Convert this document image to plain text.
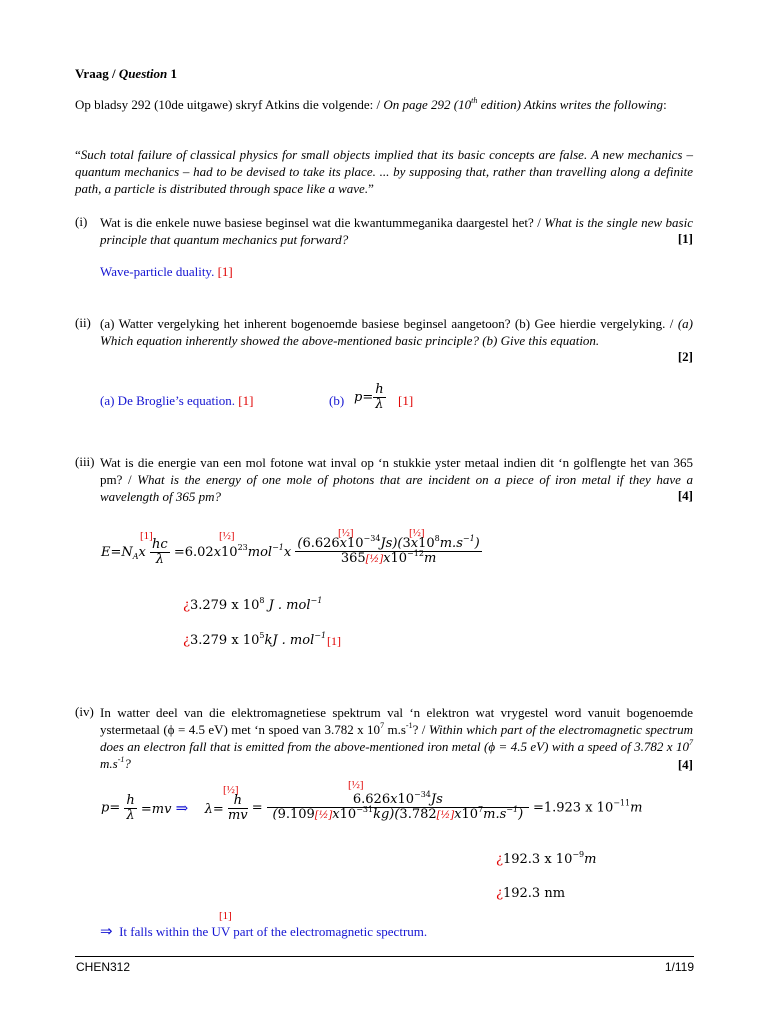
Vraag / Question 1
Op bladsy 292 (10de uitgawe) skryf Atkins die volgende: / On page 292 (10th edition) Atkins writes the following:
“Such total failure of classical physics for small objects implied that its basic concepts are false. A new mechanics – quantum mechanics – had to be devised to take its place. ... by supposing that, rather than travelling along a definite path, a particle is distributed through space like a wave.”
(i) Wat is die enkele nuwe basiese beginsel wat die kwantummeganika daargestel het? / What is the single new basic principle that quantum mechanics put forward?	[1]
Wave-particle duality. [1]
(ii) (a) Watter vergelyking het inherent bogenoemde basiese beginsel aangetoon? (b) Gee hierdie vergelyking. / (a) Which equation inherently showed the above-mentioned basic principle? (b) Give this equation.
[2]
(a) De Broglie’s equation. [1]	(b) $p= \frac{h}{\lambda} [1]$
(iii) Wat is die energie van een mol fotone wat inval op ‘n stukkie yster metaal indien dit ‘n golflengte het van 365 pm? / What is the energy of one mole of photons that are incident on a piece of iron metal if they have a wavelength of 365 pm?	[4]
[1]	[½]	[½]	[½]
$E=N_Ax \frac{hc}{\lambda} =6.02x10^{23}mol^{-1}x \frac{(6.626x10^{-34}Js)(3x10^8m.s^{-1})}{365[\frac{1}{2}]x10^{-12}m}$
¿3.279 x $10^8$ J . mol$^{-1}$
¿3.279 x $10^5kJ$ . mol$^{-1}$ [1]
(iv) In watter deel van die elektromagnetiese spektrum val ‘n elektron wat vrygestel word vanuit bogenoemde ystermetaal (ϕ = 4.5 eV) met ‘n spoed van 3.782 x $10^7$ $m.s^{-1}$? / Within which part of the electromagnetic spectrum does an electron fall that is emitted from the above-mentioned iron metal (ϕ = 4.5 eV) with a speed of 3.782 x $10^7$ $m.s^{-1}$?	[4]
[½]	[½]
$p= \frac{h}{\lambda} =mv$ ⇒    $\lambda= \frac{h}{mv} = \frac{6.626x10^{-34}Js}{(9.109[\frac{1}{2}]x10^{-31}kg)(3.782[\frac{1}{2}]x10^7m.s^{-1})} =1.923$ x $10^{-11}m$
¿192.3 x $10^{-9}m$
¿192.3 nm
[1]
⇒ It falls within the UV part of the electromagnetic spectrum.
CHEN312	1/119
